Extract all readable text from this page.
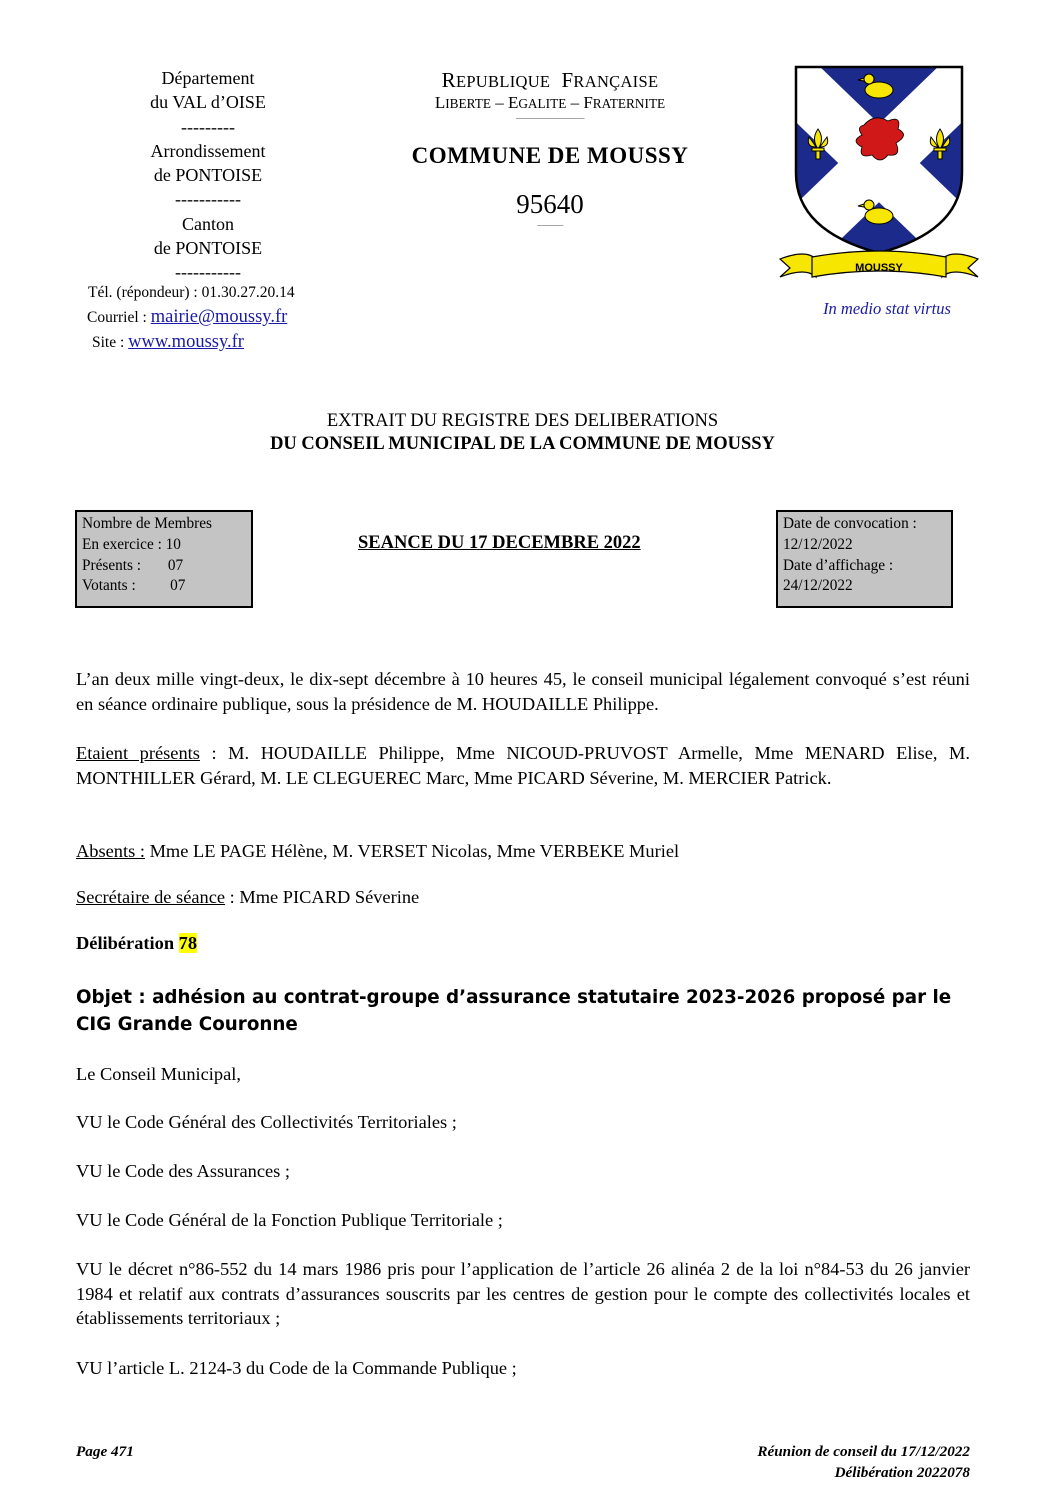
Département
du VAL d’OISE
---------
Arrondissement
de PONTOISE
-----------
Canton
de PONTOISE
-----------
Tél. (répondeur) : 01.30.27.20.14
Courriel : mairie@moussy.fr
Site : www.moussy.fr
REPUBLIQUE FRANÇAISE
LIBERTE – EGALITE – FRATERNITE
————————
COMMUNE DE MOUSSY
95640
———
MOUSSY
In medio stat virtus
EXTRAIT DU REGISTRE DES DELIBERATIONS
DU CONSEIL MUNICIPAL DE LA COMMUNE DE MOUSSY
Nombre de Membres
En exercice : 10
Présents :       07
Votants :         07
SEANCE DU 17 DECEMBRE 2022
Date de convocation :
12/12/2022
Date d’affichage :
24/12/2022
L’an deux mille vingt-deux, le dix-sept décembre à 10 heures 45, le conseil municipal légalement convoqué s’est réuni en séance ordinaire publique, sous la présidence de M. HOUDAILLE Philippe.
Etaient présents : M. HOUDAILLE Philippe, Mme NICOUD-PRUVOST Armelle, Mme MENARD Elise, M. MONTHILLER Gérard, M. LE CLEGUEREC Marc, Mme PICARD Séverine, M. MERCIER Patrick.
Absents : Mme LE PAGE Hélène, M. VERSET Nicolas, Mme VERBEKE Muriel
Secrétaire de séance : Mme PICARD Séverine
Délibération 78
Objet : adhésion au contrat-groupe d’assurance statutaire 2023-2026 proposé par le CIG Grande Couronne
Le Conseil Municipal,
VU le Code Général des Collectivités Territoriales ;
VU le Code des Assurances ;
VU le Code Général de la Fonction Publique Territoriale ;
VU le décret n°86-552 du 14 mars 1986 pris pour l’application de l’article 26 alinéa 2 de la loi n°84-53 du 26 janvier 1984 et relatif aux contrats d’assurances souscrits par les centres de gestion pour le compte des collectivités locales et établissements territoriaux ;
VU l’article L. 2124-3 du Code de la Commande Publique ;
Page 471	Réunion de conseil du 17/12/2022
Délibération 2022078
